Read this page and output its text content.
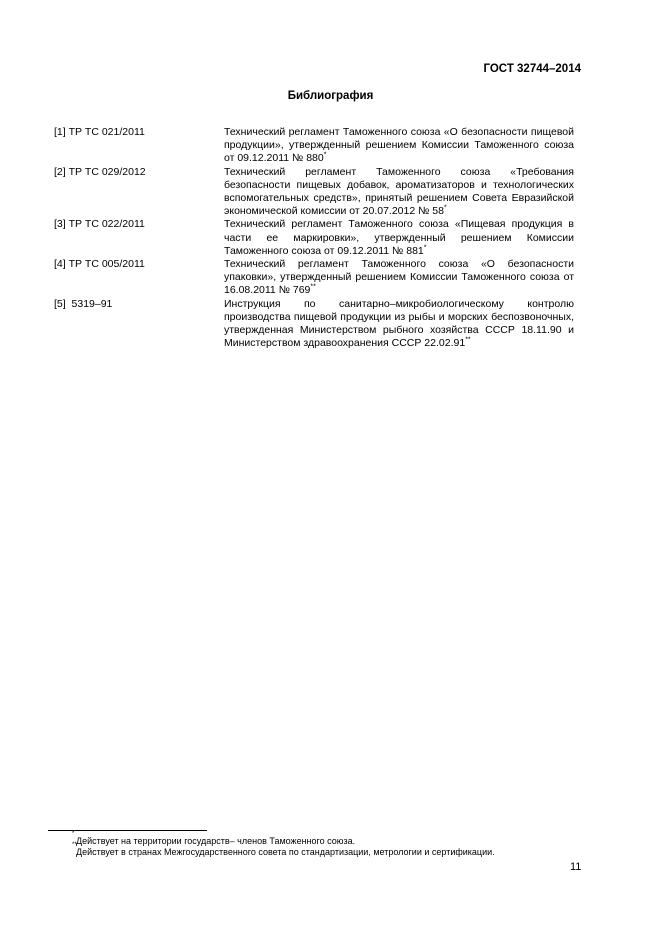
ГОСТ 32744–2014
Библиография
[1] ТР ТС 021/2011	Технический регламент Таможенного союза «О безопасности пищевой продукции», утвержденный решением Комиссии Таможенного союза от 09.12.2011 № 880*
[2] ТР ТС 029/2012	Технический регламент Таможенного союза «Требования безопасности пищевых добавок, ароматизаторов и технологических вспомогательных средств», принятый решением Совета Евразийской экономической комиссии от 20.07.2012 № 58*
[3] ТР ТС 022/2011	Технический регламент Таможенного союза «Пищевая продукция в части ее маркировки», утвержденный решением Комиссии Таможенного союза от 09.12.2011 № 881*
[4] ТР ТС 005/2011	Технический регламент Таможенного союза «О безопасности упаковки», утвержденный решением Комиссии Таможенного союза от 16.08.2011 № 769**
[5]  5319–91	Инструкция по санитарно–микробиологическому контролю производства пищевой продукции из рыбы и морских беспозвоночных, утвержденная Министерством рыбного хозяйства СССР 18.11.90 и Министерством здравоохранения СССР 22.02.91**
*
Действует на территории государств– членов Таможенного союза.
**
Действует в странах Межгосударственного совета по стандартизации, метрологии и сертификации.
11
